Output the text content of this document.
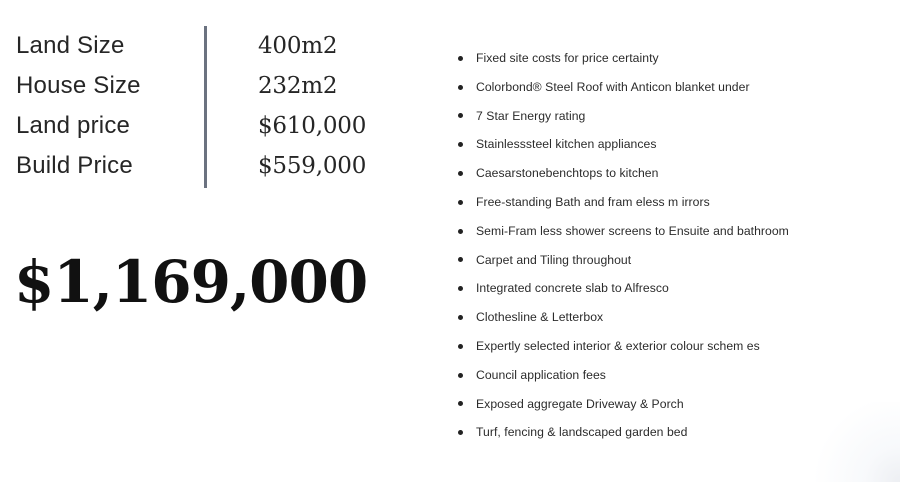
Land Size
House Size
Land price
Build Price
400m2
232m2
$610,000
$559,000
$1,169,000
Fixed site costs for price certainty
Colorbond® Steel Roof with Anticon blanket under
7 Star Energy rating
Stainlesssteel kitchen appliances
Caesarstonebenchtops to kitchen
Free-standing Bath and fram eless m irrors
Semi-Fram less shower screens to Ensuite and bathroom
Carpet and Tiling throughout
Integrated concrete slab to Alfresco
Clothesline & Letterbox
Expertly selected interior & exterior colour schem es
Council application fees
Exposed aggregate Driveway & Porch
Turf, fencing & landscaped garden bed
